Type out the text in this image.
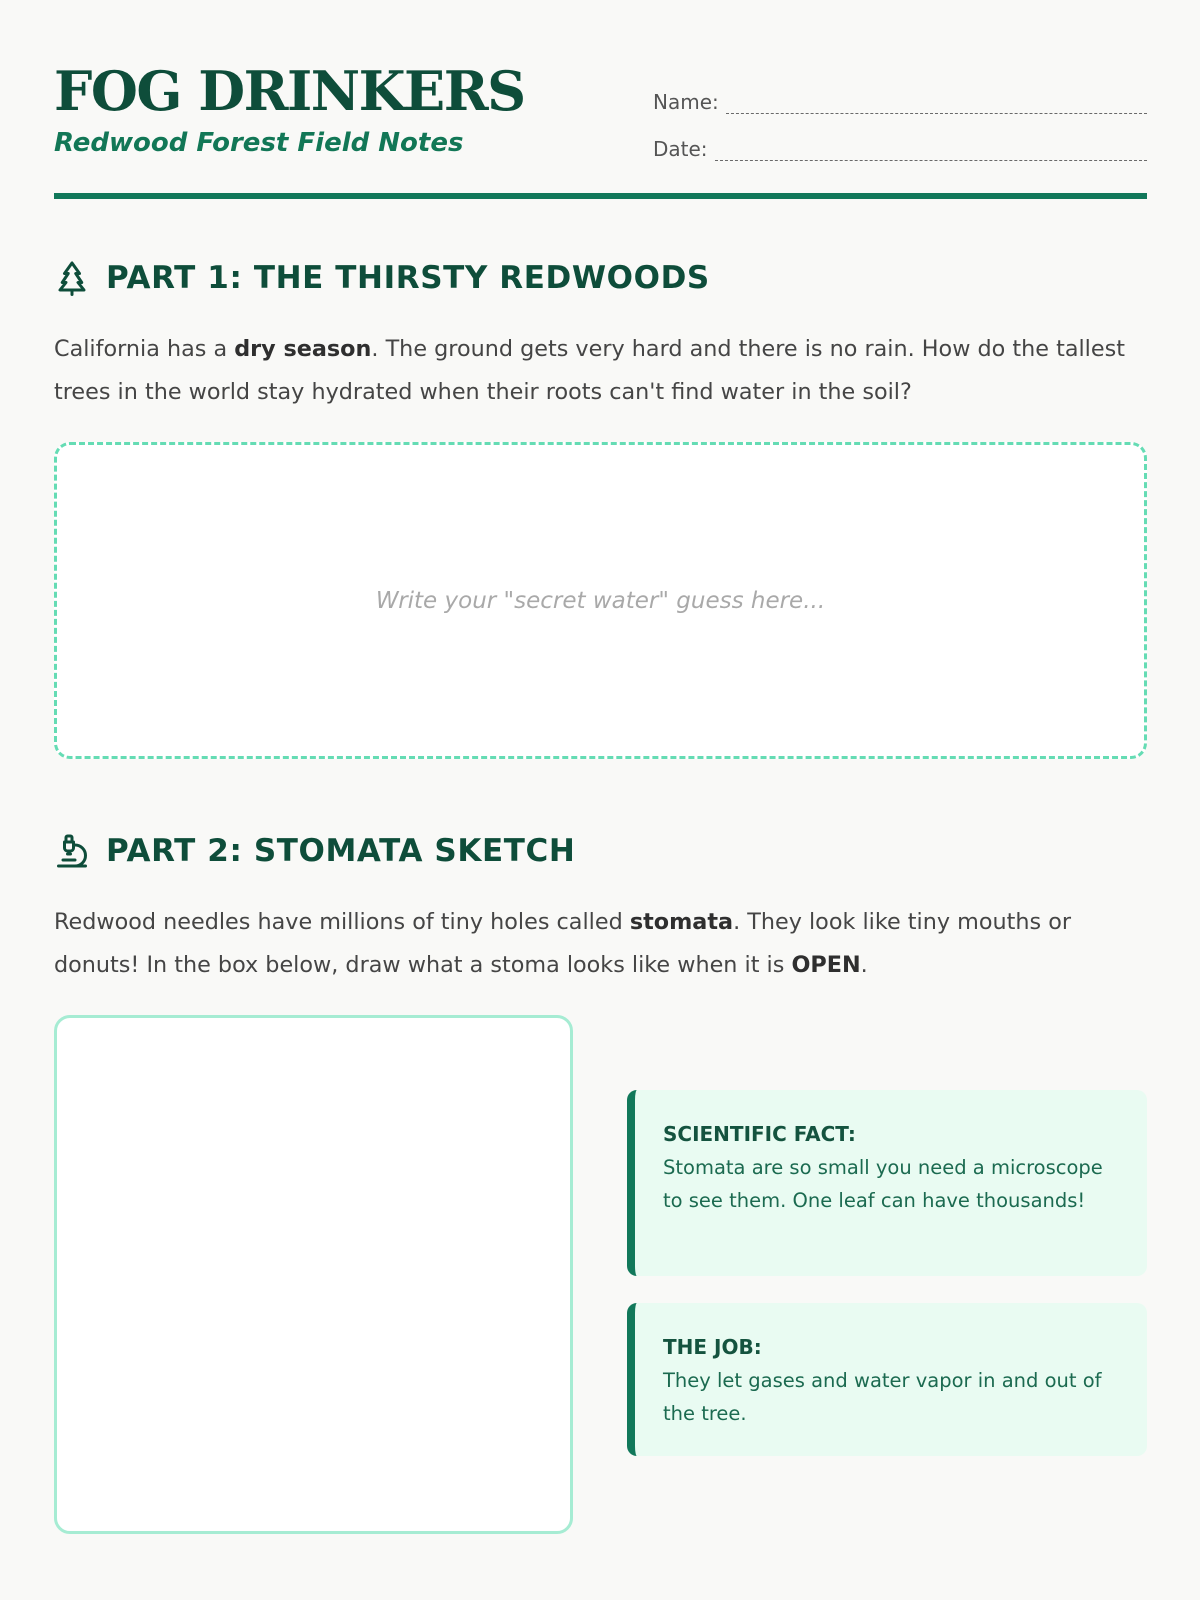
FOG DRINKERS

Redwood Forest Field Notes

Name:
Date:
PART 1: THE THIRSTY REDWOODS

California has a dry season. The ground gets very hard and there is no rain. How do the tallest trees in the world stay hydrated when their roots can't find water in the soil?

Write your "secret water" guess here...
PART 2: STOMATA SKETCH

Redwood needles have millions of tiny holes called stomata. They look like tiny mouths or donuts! In the box below, draw what a stoma looks like when it is OPEN.

SCIENTIFIC FACT:

Stomata are so small you need a microscope to see them. One leaf can have thousands!

THE JOB:

They let gases and water vapor in and out of the tree.
